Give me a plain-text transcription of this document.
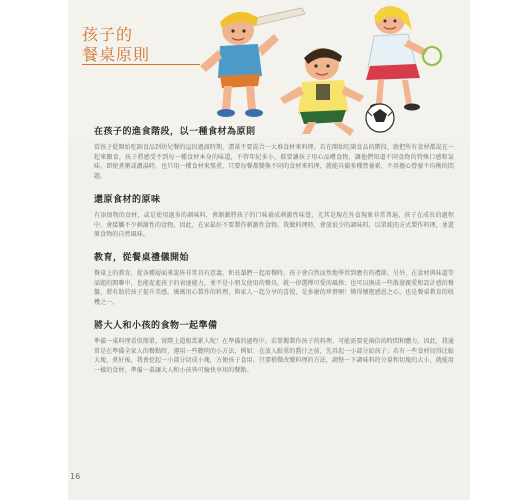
孩子的
餐桌原則
在孩子的進食階段，以一種食材為原則

當孩子從開始吃副食品到幼兒餐的這段過渡時期，盡量不要混合一大堆食材來料理。若在開始吃副食品的階段，就把所有食材都混在一起來餵食，孩子將感受不到每一種食材本身的味道，不管年紀多小，都要讓孩子用心品嚐食物，讓他們知道不同食物的特殊口感和氣味。即使煮粥或濃湯時，也只用一種食材來熬煮，只要每餐都變換不同的食材來料理，就能具備多種營養素，不用擔心營養不均衡的問題。

還原食材的原味

有添加物的食材，或是使用過多的調味料，會漸漸將孩子的口味養成刺激性味覺，尤其是現在外食現象非常普遍，孩子在成長的過程中，會接觸不少刺激性的食物，因此，在家最好不要製作刺激性食物。我做料理時，會放很少的調味料，以單純的方式製作料理，並還原食物的自然風味。

教育，從餐桌禮儀開始

餐桌上的教育，從各種層面來說皆非常具有意義。和長輩們一起用餐時，孩子會自然而然地學習到應有的禮節。另外，在食材與味道等話題的閒聊中，也能促進孩子的表達能力，並不是小朋友使用的餐具，就一律選擇可愛的風格；也可以換成一些散發親愛和設計感的餐盤，將有助於孩子提升美感。媽媽用心製作的料理，與家人一起分享的喜悅，是多麼的珍貴啊！懂得懷抱感恩之心，也是餐桌教育的收穫之一。

將大人和小孩的食物一起準備

準備一桌料理看似簡單，實際上還相當累人呢！在準備的過程中，若單獨製作孩子的料理，可能需要花兩倍的時間和體力。因此，我通常是在準備全家人的餐點時，運用一些聰明的小方法，例如：在放入較重的醬汁之前，先舀起一小部分給孩子；若有一些食材切得比較大塊，煮好後，我會挖起一小部分切成小塊，方便孩子食用。只要稍微改變料理的方法，調整一下調味料的分量和切塊的大小，就能用一樣的食材，準備一桌讓大人和小孩皆可愉快享用的餐點。

16
